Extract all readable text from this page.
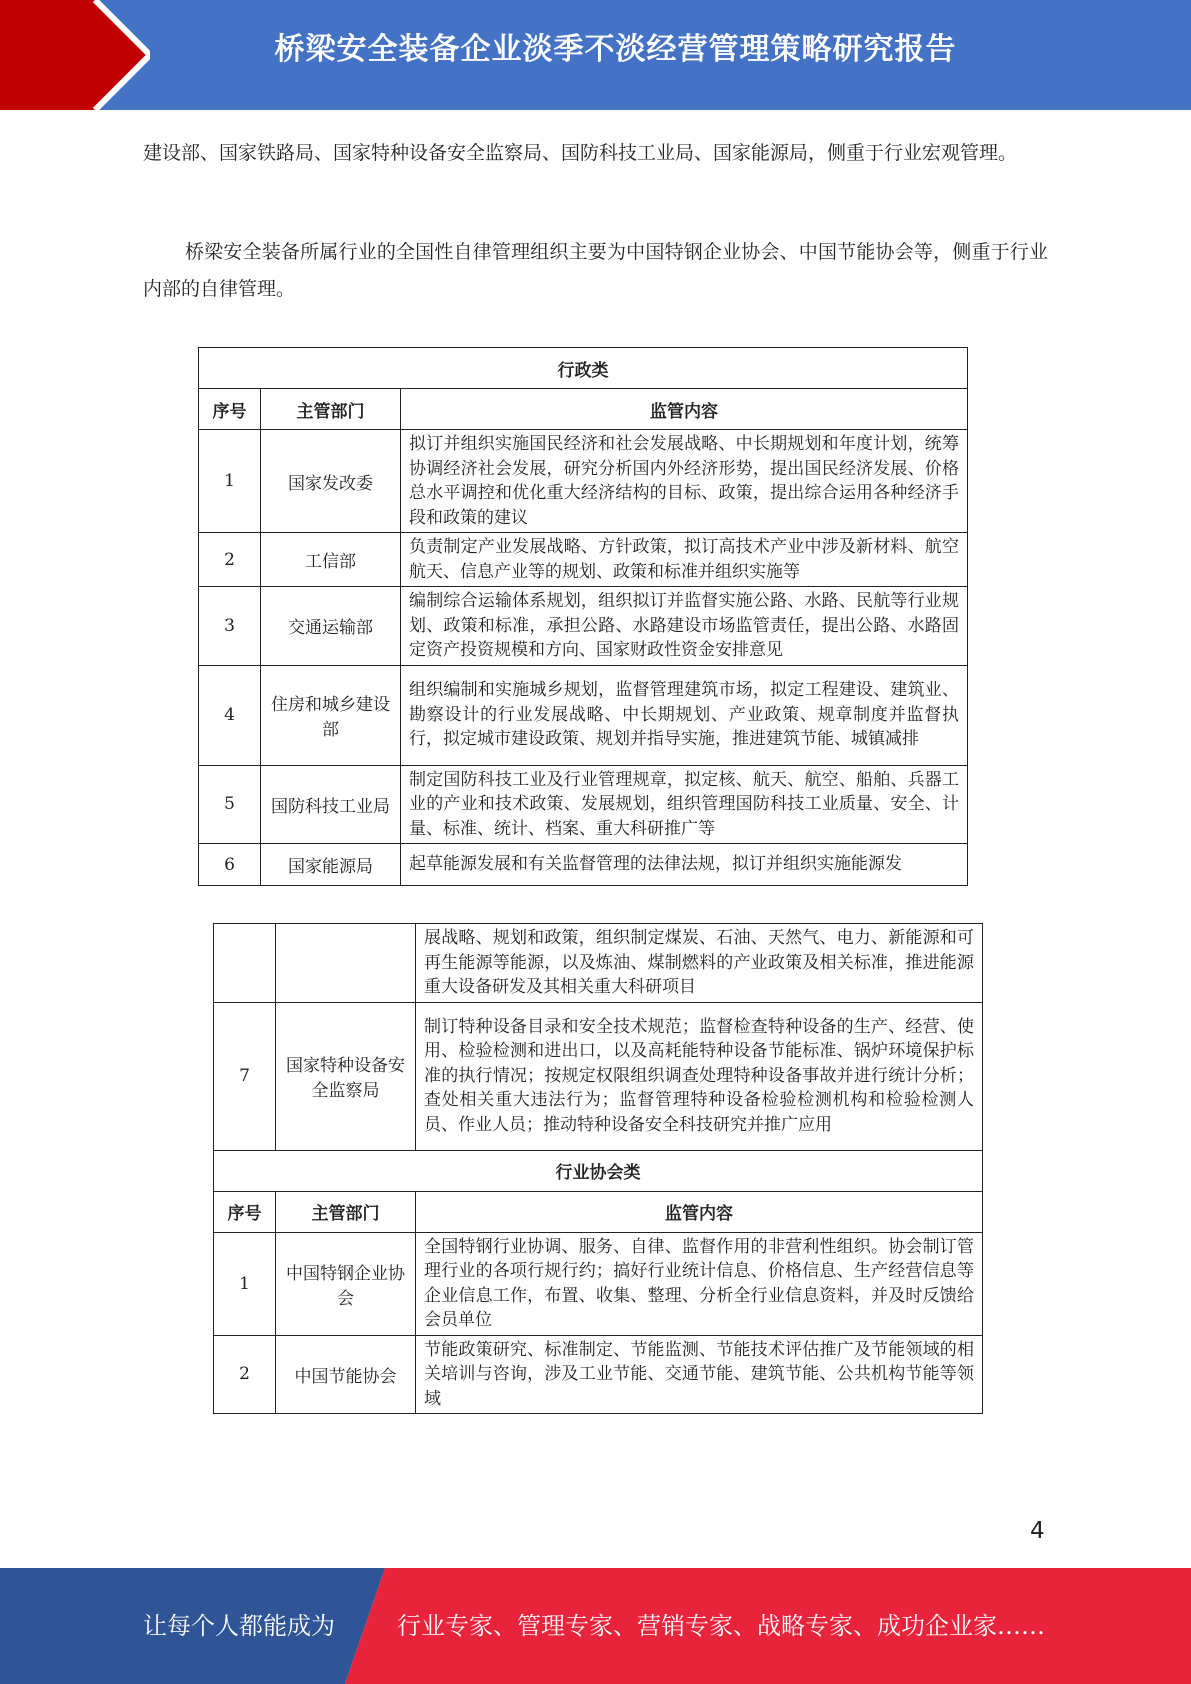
桥梁安全装备企业淡季不淡经营管理策略研究报告

建设部、国家铁路局、国家特种设备安全监察局、国防科技工业局、国家能源局，侧重于行业宏观管理。

桥梁安全装备所属行业的全国性自律管理组织主要为中国特钢企业协会、中国节能协会等，侧重于行业内部的自律管理。

行政类		
序号	主管部门	监管内容
1	国家发改委	拟订并组织实施国民经济和社会发展战略、中长期规划和年度计划，统筹协调经济社会发展，研究分析国内外经济形势，提出国民经济发展、价格总水平调控和优化重大经济结构的目标、政策，提出综合运用各种经济手段和政策的建议
2	工信部	负责制定产业发展战略、方针政策，拟订高技术产业中涉及新材料、航空航天、信息产业等的规划、政策和标准并组织实施等
3	交通运输部	编制综合运输体系规划，组织拟订并监督实施公路、水路、民航等行业规划、政策和标准，承担公路、水路建设市场监管责任，提出公路、水路固定资产投资规模和方向、国家财政性资金安排意见
4	住房和城乡建设部	组织编制和实施城乡规划，监督管理建筑市场，拟定工程建设、建筑业、勘察设计的行业发展战略、中长期规划、产业政策、规章制度并监督执行，拟定城市建设政策、规划并指导实施，推进建筑节能、城镇减排
5	国防科技工业局	制定国防科技工业及行业管理规章，拟定核、航天、航空、船舶、兵器工业的产业和技术政策、发展规划，组织管理国防科技工业质量、安全、计量、标准、统计、档案、重大科研推广等
6	国家能源局	起草能源发展和有关监督管理的法律法规，拟订并组织实施能源发
		展战略、规划和政策，组织制定煤炭、石油、天然气、电力、新能源和可再生能源等能源，以及炼油、煤制燃料的产业政策及相关标准，推进能源重大设备研发及其相关重大科研项目
7	国家特种设备安全监察局	制订特种设备目录和安全技术规范；监督检查特种设备的生产、经营、使用、检验检测和进出口，以及高耗能特种设备节能标准、锅炉环境保护标准的执行情况；按规定权限组织调查处理特种设备事故并进行统计分析；查处相关重大违法行为；监督管理特种设备检验检测机构和检验检测人员、作业人员；推动特种设备安全科技研究并推广应用
行业协会类		
序号	主管部门	监管内容
1	中国特钢企业协会	全国特钢行业协调、服务、自律、监督作用的非营利性组织。协会制订管理行业的各项行规行约；搞好行业统计信息、价格信息、生产经营信息等企业信息工作，布置、收集、整理、分析全行业信息资料，并及时反馈给会员单位
2	中国节能协会	节能政策研究、标准制定、节能监测、节能技术评估推广及节能领域的相关培训与咨询，涉及工业节能、交通节能、建筑节能、公共机构节能等领域
4
让每个人都能成为	行业专家、管理专家、营销专家、战略专家、成功企业家……
